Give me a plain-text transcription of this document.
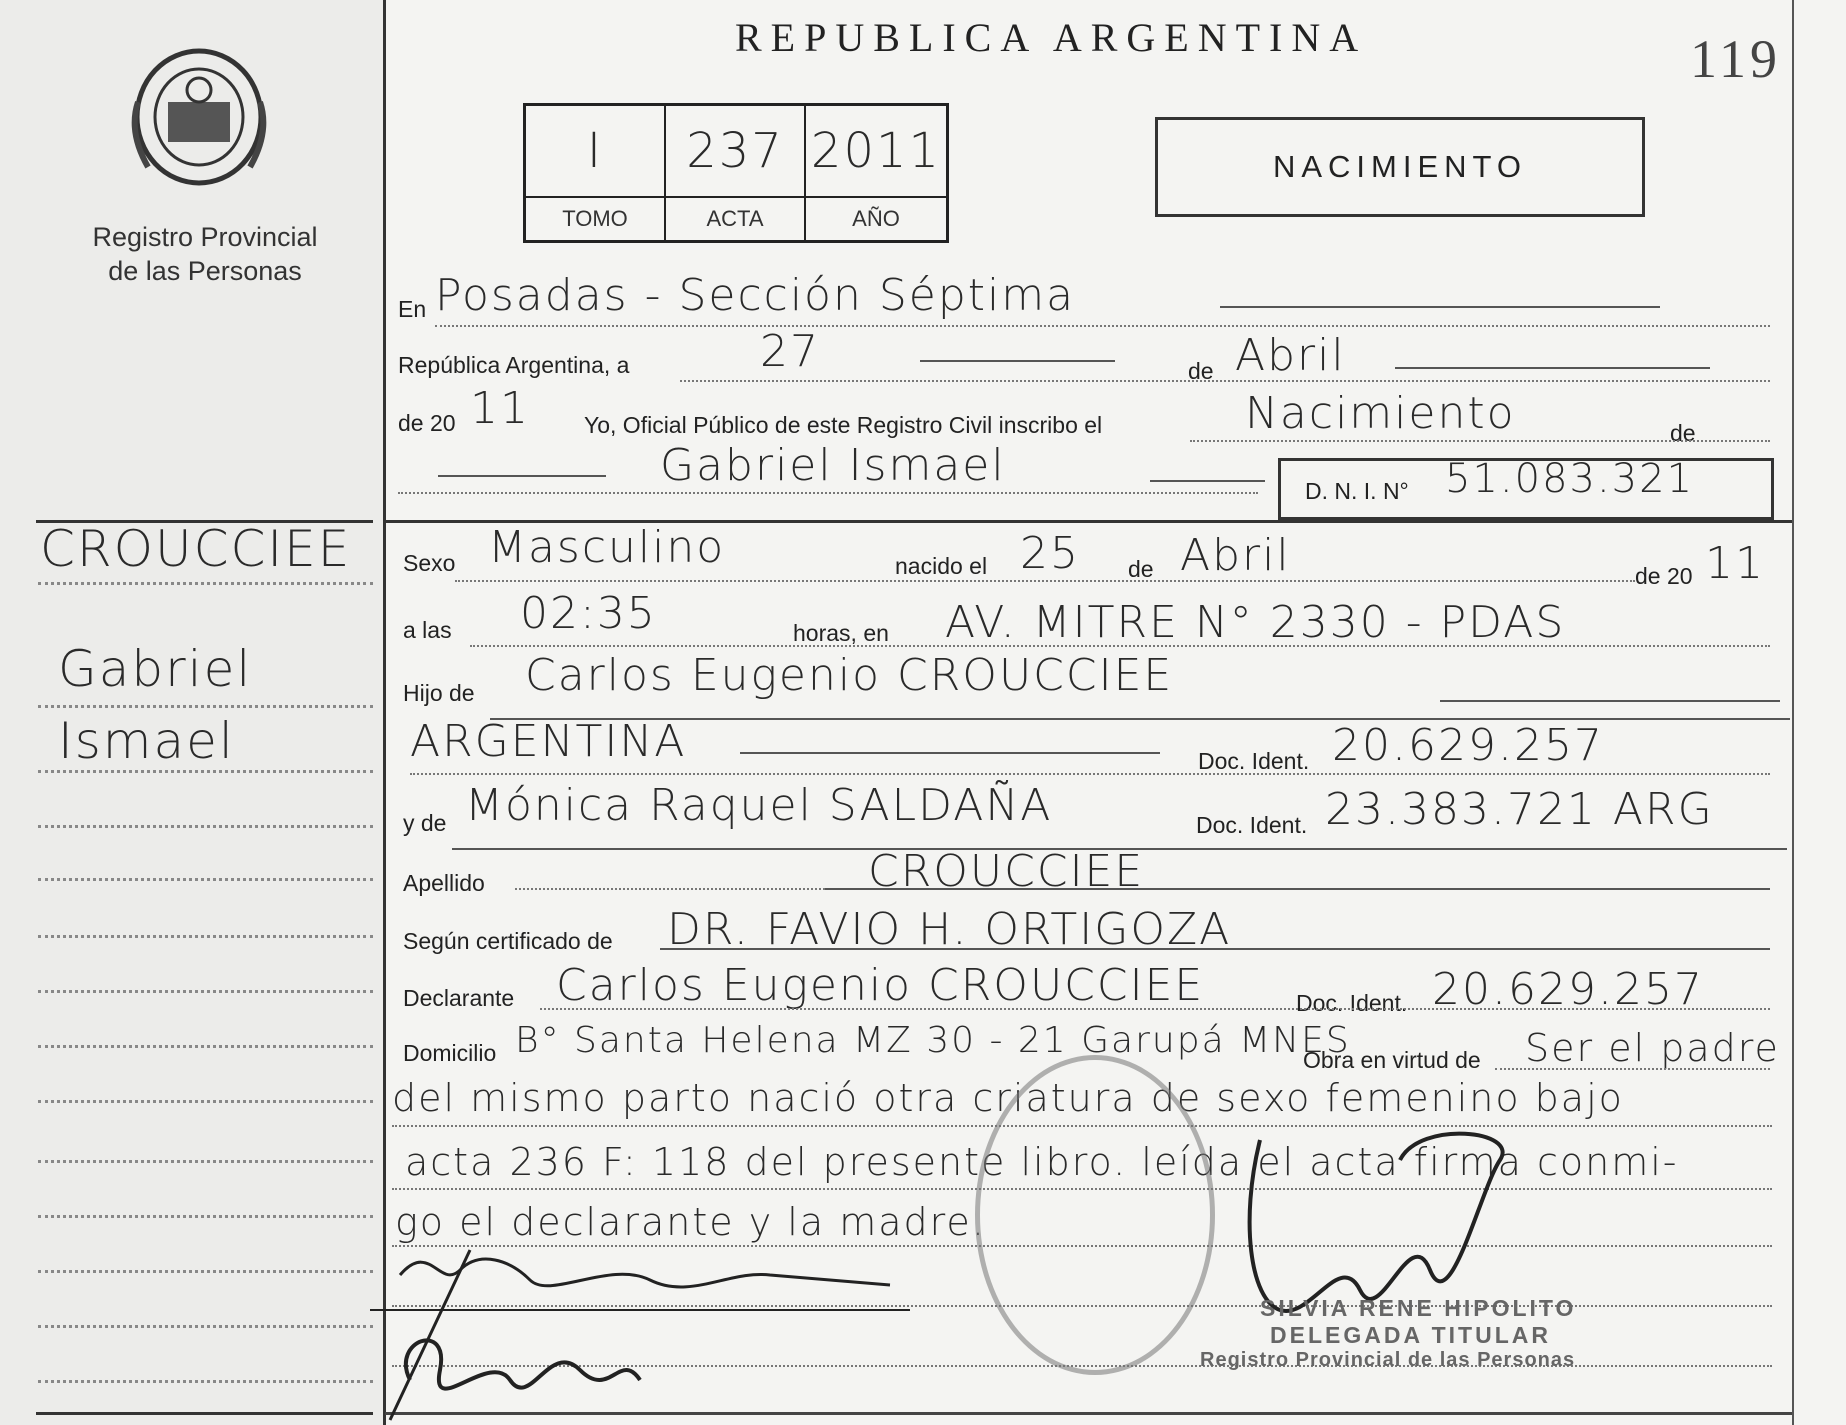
Registro Provincial
de las Personas
CROUCCIEE
Gabriel
Ismael
REPUBLICA ARGENTINA	119
I	237 2011
TOMO	ACTA	AÑO
NACIMIENTO
En Posadas - Sección Séptima
República Argentina, a	27	de Abril
de 20 11 Yo, Oficial Público de este Registro Civil inscribo el	Nacimiento	de
Gabriel Ismael	D. N. I. N° 51.083.321
Sexo Masculino	nacido el 25 de Abril	de 20 11
a las 02:35	horas, en AV. MITRE N° 2330 - PDAS
Hijo de Carlos Eugenio CROUCCIEE
ARGENTINA	Doc. Ident. 20.629.257
y de Mónica Raquel SALDAÑA	Doc. Ident. 23.383.721 ARG
Apellido	CROUCCIEE
Según certificado de DR. FAVIO H. ORTIGOZA
Declarante Carlos Eugenio CROUCCIEE	Doc. Ident. 20.629.257
Domicilio B° Santa Helena MZ 30 - 21 Garupá MNES
Obra en virtud de Ser el padre
del mismo parto nació otra criatura de sexo femenino bajo
acta 236 F: 118 del presente libro. leída el acta firma conmi-
go el declarante y la madre.
SILVIA RENE HIPOLITO
DELEGADA TITULAR
Registro Provincial de las Personas
